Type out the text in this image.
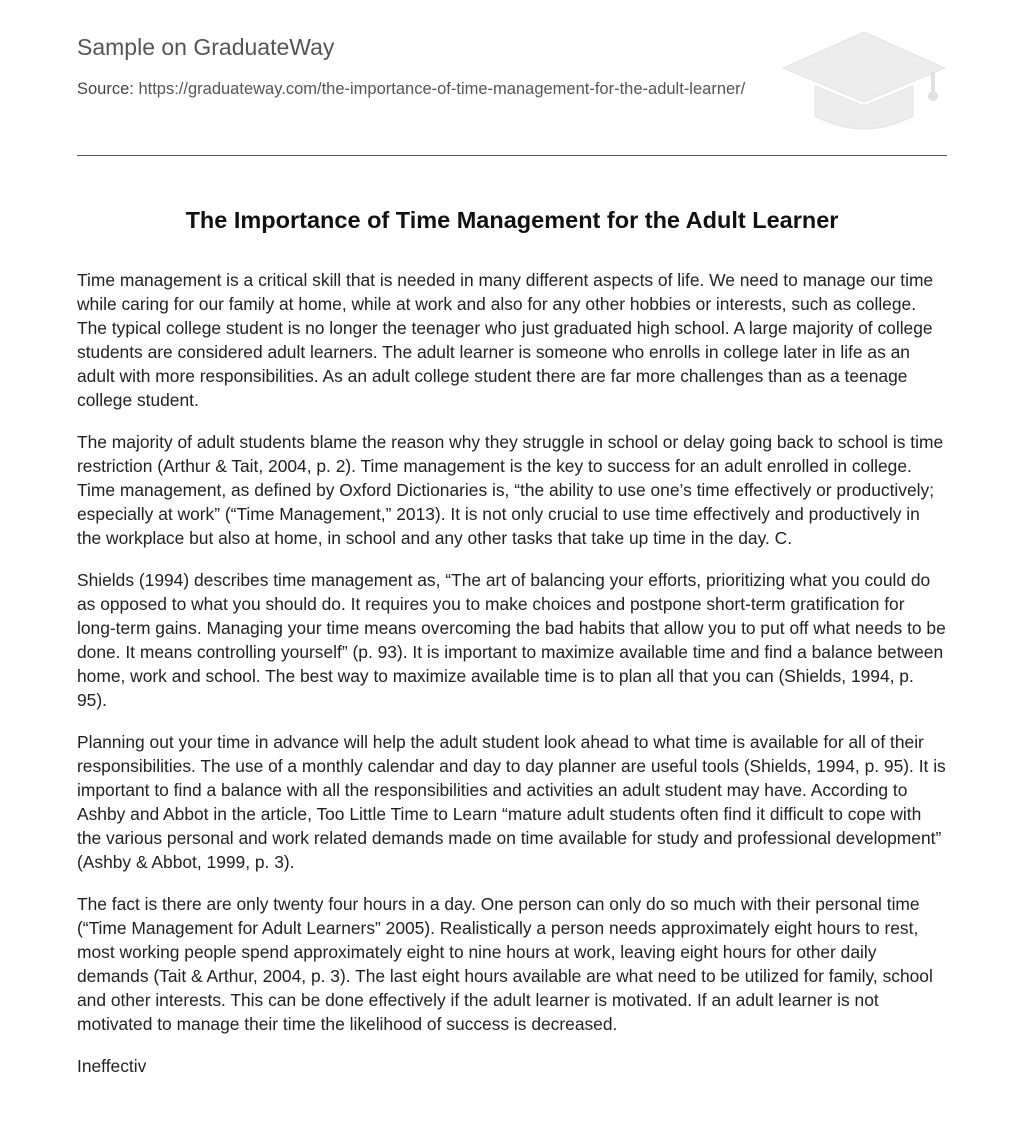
Sample on GraduateWay
Source: https://graduateway.com/the-importance-of-time-management-for-the-adult-learner/
The Importance of Time Management for the Adult Learner

Time management is a critical skill that is needed in many different aspects of life. We need to manage our time while caring for our family at home, while at work and also for any other hobbies or interests, such as college. The typical college student is no longer the teenager who just graduated high school. A large majority of college students are considered adult learners. The adult learner is someone who enrolls in college later in life as an adult with more responsibilities. As an adult college student there are far more challenges than as a teenage college student.

The majority of adult students blame the reason why they struggle in school or delay going back to school is time restriction (Arthur & Tait, 2004, p. 2). Time management is the key to success for an adult enrolled in college. Time management, as defined by Oxford Dictionaries is, “the ability to use one’s time effectively or productively; especially at work” (“Time Management,” 2013). It is not only crucial to use time effectively and productively in the workplace but also at home, in school and any other tasks that take up time in the day. C.

Shields (1994) describes time management as, “The art of balancing your efforts, prioritizing what you could do as opposed to what you should do. It requires you to make choices and postpone short-term gratification for long-term gains. Managing your time means overcoming the bad habits that allow you to put off what needs to be done. It means controlling yourself” (p. 93). It is important to maximize available time and find a balance between home, work and school. The best way to maximize available time is to plan all that you can (Shields, 1994, p. 95).

Planning out your time in advance will help the adult student look ahead to what time is available for all of their responsibilities. The use of a monthly calendar and day to day planner are useful tools (Shields, 1994, p. 95). It is important to find a balance with all the responsibilities and activities an adult student may have. According to Ashby and Abbot in the article, Too Little Time to Learn “mature adult students often find it difficult to cope with the various personal and work related demands made on time available for study and professional development” (Ashby & Abbot, 1999, p. 3).

The fact is there are only twenty four hours in a day. One person can only do so much with their personal time (“Time Management for Adult Learners” 2005). Realistically a person needs approximately eight hours to rest, most working people spend approximately eight to nine hours at work, leaving eight hours for other daily demands (Tait & Arthur, 2004, p. 3). The last eight hours available are what need to be utilized for family, school and other interests. This can be done effectively if the adult learner is motivated. If an adult learner is not motivated to manage their time the likelihood of success is decreased.

Ineffectiv
